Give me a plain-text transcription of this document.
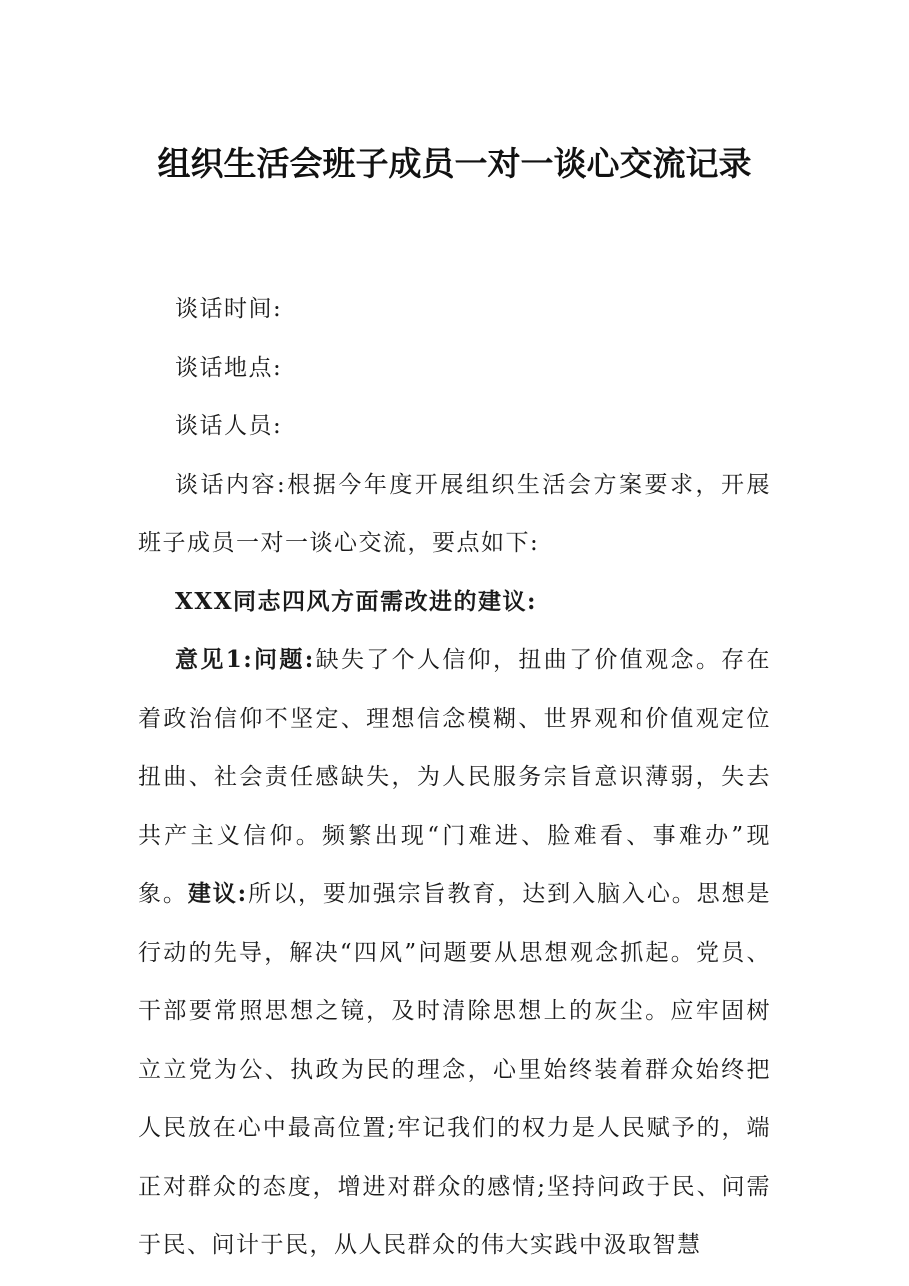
组织生活会班子成员一对一谈心交流记录

谈话时间:

谈话地点:

谈话人员:

谈话内容:根据今年度开展组织生活会方案要求，开展班子成员一对一谈心交流，要点如下:

XXX同志四风方面需改进的建议:

意见1:问题:缺失了个人信仰，扭曲了价值观念。存在着政治信仰不坚定、理想信念模糊、世界观和价值观定位扭曲、社会责任感缺失，为人民服务宗旨意识薄弱，失去共产主义信仰。频繁出现“门难进、脸难看、事难办”现象。建议:所以，要加强宗旨教育，达到入脑入心。思想是行动的先导，解决“四风”问题要从思想观念抓起。党员、干部要常照思想之镜，及时清除思想上的灰尘。应牢固树立立党为公、执政为民的理念，心里始终装着群众始终把人民放在心中最高位置;牢记我们的权力是人民赋予的，端正对群众的态度，增进对群众的感情;坚持问政于民、问需于民、问计于民，从人民群众的伟大实践中汲取智慧
